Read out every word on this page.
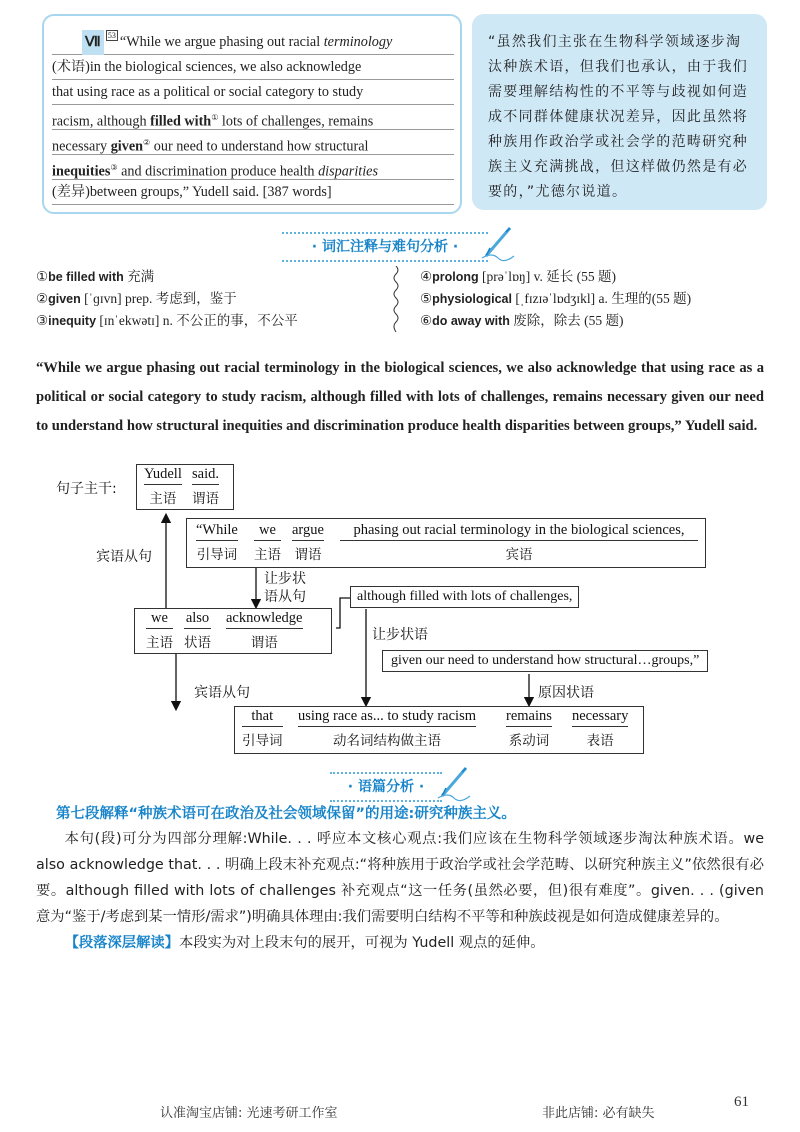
Ⅶ 53 “While we argue phasing out racial terminology
(术语)in the biological sciences, we also acknowledge
that using race as a political or social category to study
racism, although filled with① lots of challenges, remains
necessary given② our need to understand how structural
inequities③ and discrimination produce health disparities
(差异)between groups,” Yudell said. [387 words]
“虽然我们主张在生物科学领域逐步淘汰种族术语，但我们也承认，由于我们需要理解结构性的不平等与歧视如何造成不同群体健康状况差异，因此虽然将种族用作政治学或社会学的范畴研究种族主义充满挑战，但这样做仍然是有必要的，”尤德尔说道。
· 词汇注释与难句分析 ·
①be filled with 充满
②given [ˈɡɪvn] prep. 考虑到，鉴于
③inequity [ɪnˈekwətɪ] n. 不公正的事，不公平
④prolong [prəˈlɒŋ] v. 延长 (55 题)
⑤physiological [ˌfɪzɪəˈlɒdʒɪkl] a. 生理的(55 题)
⑥do away with 废除，除去 (55 题)
“While we argue phasing out racial terminology in the biological sciences, we also acknowledge that using race as a political or social category to study racism, although filled with lots of challenges, remains necessary given our need to understand how structural inequities and discrimination produce health disparities between groups,” Yudell said.
句子主干:
Yudell
主语
said.
谓语
宾语从句
“While
引导词
we
主语
argue
谓语
phasing out racial terminology in the biological sciences,
宾语
让步状
语从句
we
主语
also
状语
acknowledge
谓语
although filled with lots of challenges,
让步状语
given our need to understand how structural…groups,”
原因状语
宾语从句
that
引导词
using race as... to study racism
动名词结构做主语
remains
系动词
necessary
表语
· 语篇分析 ·
第七段解释“种族术语可在政治及社会领域保留”的用途:研究种族主义。

本句(段)可分为四部分理解:While. . . 呼应本文核心观点:我们应该在生物科学领域逐步淘汰种族术语。we also acknowledge that. . . 明确上段末补充观点:“将种族用于政治学或社会学范畴、以研究种族主义”依然很有必要。although filled with lots of challenges 补充观点“这一任务(虽然必要，但)很有难度”。given. . . (given 意为“鉴于/考虑到某一情形/需求”)明确具体理由:我们需要明白结构不平等和种族歧视是如何造成健康差异的。

【段落深层解读】本段实为对上段末句的展开，可视为 Yudell 观点的延伸。

认准淘宝店铺: 光速考研工作室	非此店铺: 必有缺失
61
